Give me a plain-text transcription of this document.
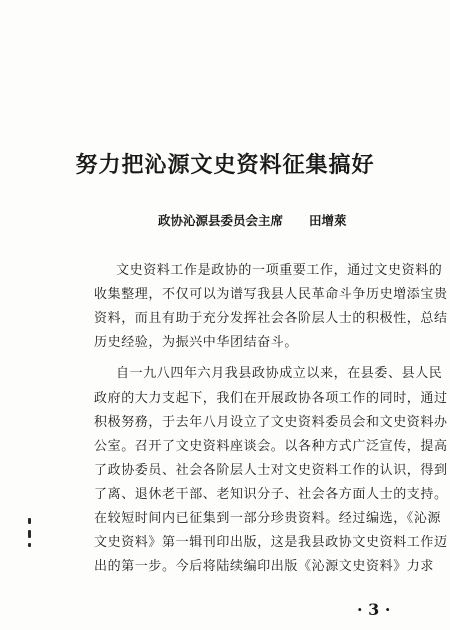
努力把沁源文史资料征集搞好
政协沁源县委员会主席 田增萊
文史资料工作是政协的一项重要工作，通过文史资料的
收集整理，不仅可以为谱写我县人民革命斗争历史增添宝贵
资料，而且有助于充分发挥社会各阶层人士的积极性，总结
历史经验，为振兴中华团结奋斗。
自一九八四年六月我县政协成立以来，在县委、县人民
政府的大力支起下，我们在开展政协各项工作的同时，通过
积极努務，于去年八月设立了文史资料委员会和文史资料办
公室。召开了文史资料座谈会。以各种方式广泛宣传，提高
了政协委员、社会各阶层人士对文史资料工作的认识，得到
了离、退休老干部、老知识分子、社会各方面人士的支持。
在较短时间内已征集到一部分珍贵资料。经过编选，《沁源
文史资料》第一辑刊印出版，这是我县政协文史资料工作迈
出的第一步。今后将陆续编印出版《沁源文史资料》力求
· 3 ·
